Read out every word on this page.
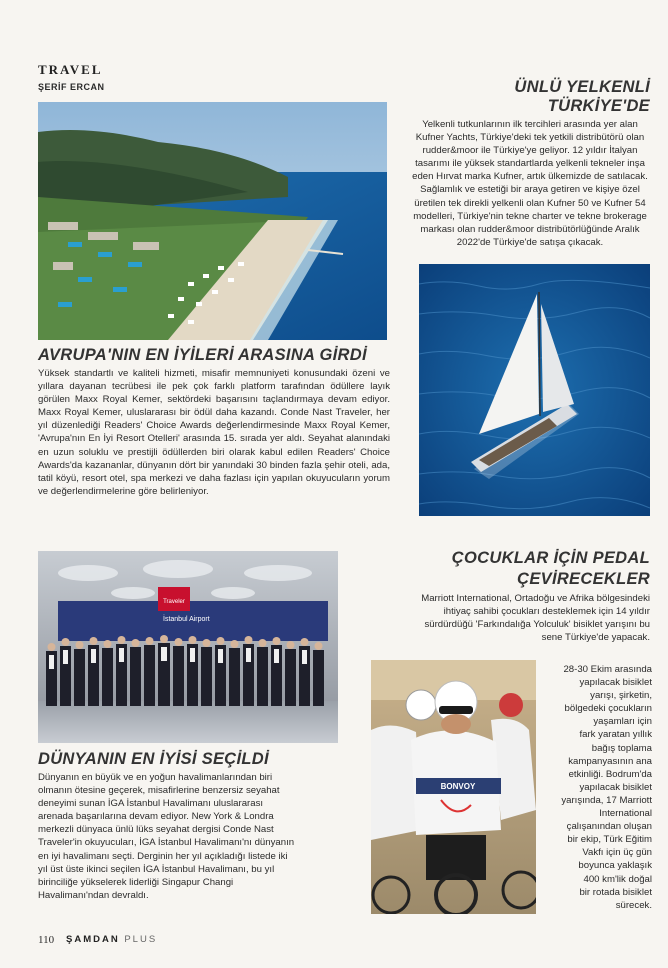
TRAVEL
ŞERİF ERCAN
AVRUPA'NIN EN İYİLERİ ARASINA GİRDİ

Yüksek standartlı ve kaliteli hizmeti, misafir memnuniyeti konusundaki özeni ve yıllara dayanan tecrübesi ile pek çok farklı platform tarafından ödüllere layık görülen Maxx Royal Kemer, sektördeki başarısını taçlandırmaya devam ediyor. Maxx Royal Kemer, uluslararası bir ödül daha kazandı. Conde Nast Traveler, her yıl düzenlediği Readers' Choice Awards değerlendirmesinde Maxx Royal Kemer, 'Avrupa'nın En İyi Resort Otelleri' arasında 15. sırada yer aldı. Seyahat alanındaki en uzun soluklu ve prestijli ödüllerden biri olarak kabul edilen Readers' Choice Awards'da kazananlar, dünyanın dört bir yanındaki 30 binden fazla şehir oteli, ada, tatil köyü, resort otel, spa merkezi ve daha fazlası için yapılan okuyucuların yorum ve değerlendirmelerine göre belirleniyor.

ÜNLÜ YELKENLİ TÜRKİYE'DE

Yelkenli tutkunlarının ilk tercihleri arasında yer alan Kufner Yachts, Türkiye'deki tek yetkili distribütörü olan rudder&moor ile Türkiye'ye geliyor. 12 yıldır İtalyan tasarımı ile yüksek standartlarda yelkenli tekneler inşa eden Hırvat marka Kufner, artık ülkemizde de satılacak. Sağlamlık ve estetiği bir araya getiren ve kişiye özel üretilen tek direkli yelkenli olan Kufner 50 ve Kufner 54 modelleri, Türkiye'nin tekne charter ve tekne brokerage markası olan rudder&moor distribütörlüğünde Aralık 2022'de Türkiye'de satışa çıkacak.

Traveler
İstanbul Airport
DÜNYANIN EN İYİSİ SEÇİLDİ

Dünyanın en büyük ve en yoğun havalimanlarından biri olmanın ötesine geçerek, misafirlerine benzersiz seyahat deneyimi sunan İGA İstanbul Havalimanı uluslararası arenada başarılarına devam ediyor. New York & Londra merkezli dünyaca ünlü lüks seyahat dergisi Conde Nast Traveler'in okuyucuları, İGA İstanbul Havalimanı'nı dünyanın en iyi havalimanı seçti. Derginin her yıl açıkladığı listede iki yıl üst üste ikinci seçilen İGA İstanbul Havalimanı, bu yıl birinciliğe yükselerek liderliği Singapur Changi Havalimanı'ndan devraldı.

ÇOCUKLAR İÇİN PEDAL
ÇEVİRECEKLER

Marriott International, Ortadoğu ve Afrika bölgesindeki ihtiyaç sahibi çocukları desteklemek için 14 yıldır sürdürdüğü 'Farkındalığa Yolculuk' bisiklet yarışını bu sene Türkiye'de yapacak.

BONVOY
28-30 Ekim arasında
yapılacak bisiklet
yarışı, şirketin,
bölgedeki çocukların
yaşamları için
fark yaratan yıllık
bağış toplama
kampanyasının ana
etkinliği. Bodrum'da
yapılacak bisiklet
yarışında, 17 Marriott
International
çalışanından oluşan
bir ekip, Türk Eğitim
Vakfı için üç gün
boyunca yaklaşık
400 km'lik doğal
bir rotada bisiklet
sürecek.
110 ŞAMDAN PLUS
